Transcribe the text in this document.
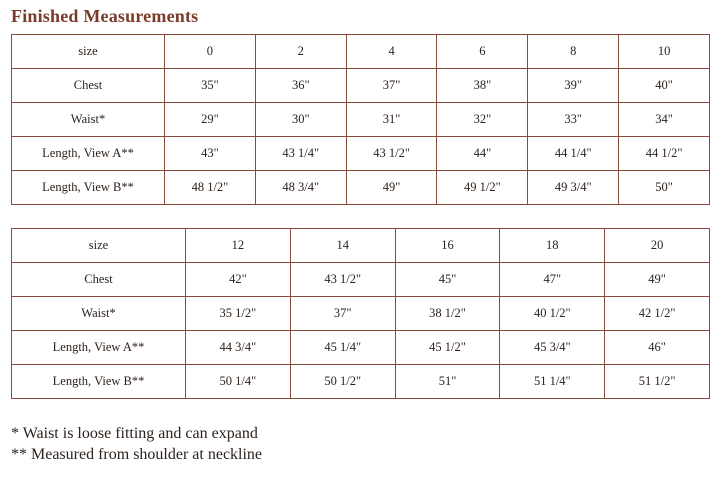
Finished Measurements
size	0	2	4	6	8	10
Chest	35"	36"	37"	38"	39"	40"
Waist*	29"	30"	31"	32"	33"	34"
Length, View A**	43"	43 1/4"	43 1/2"	44"	44 1/4"	44 1/2"
Length, View B**	48 1/2"	48 3/4"	49"	49 1/2"	49 3/4"	50"
size	12	14	16	18	20
Chest	42"	43 1/2"	45"	47"	49"
Waist*	35 1/2"	37"	38 1/2"	40 1/2"	42 1/2"
Length, View A**	44 3/4"	45 1/4"	45 1/2"	45 3/4"	46"
Length, View B**	50 1/4"	50 1/2"	51"	51 1/4"	51 1/2"
* Waist is loose fitting and can expand
** Measured from shoulder at neckline
